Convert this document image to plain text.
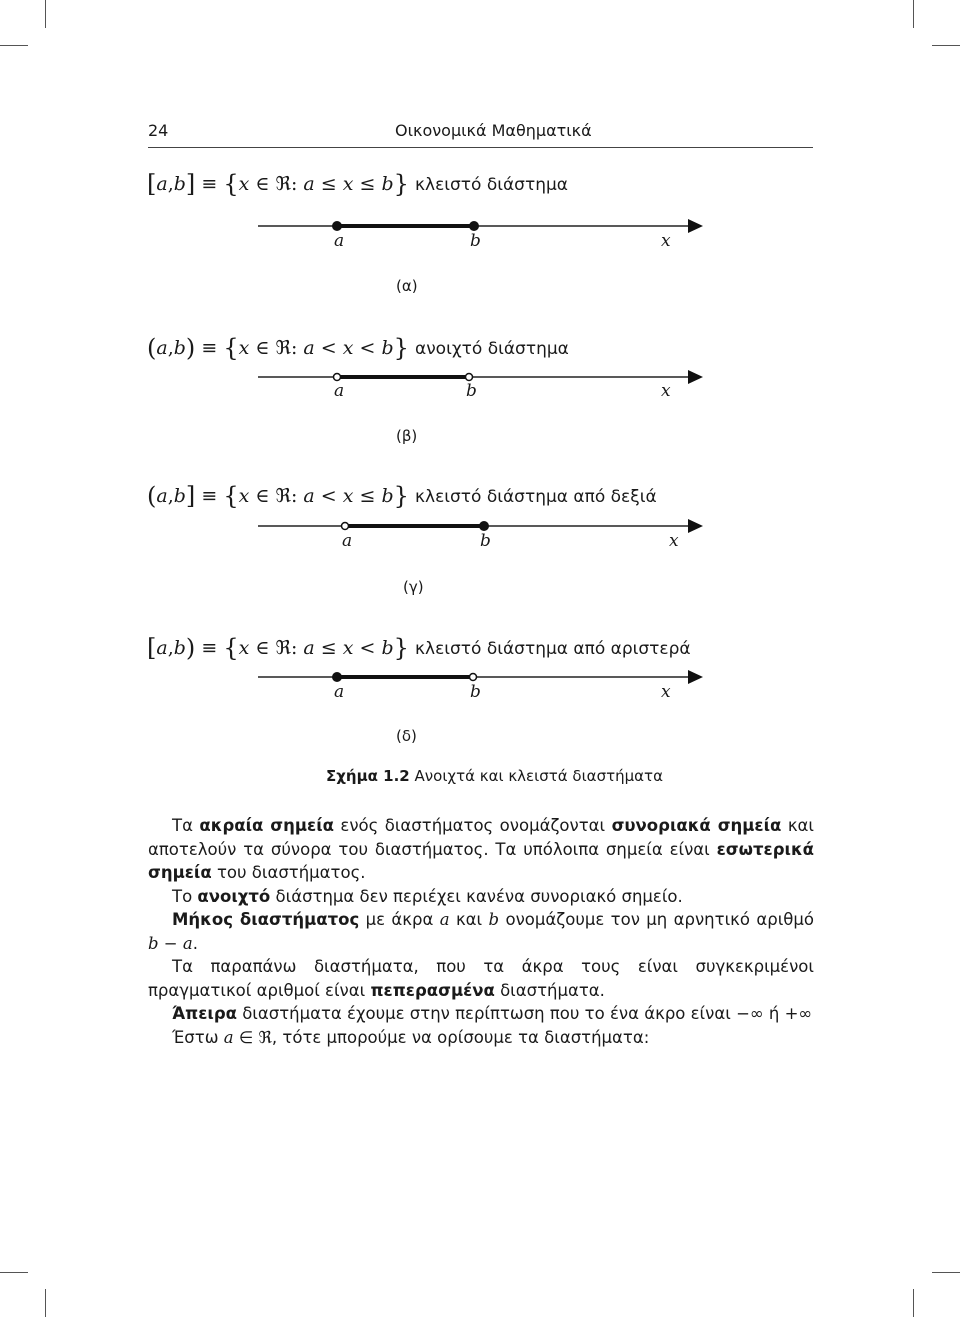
24	Οικονομικά Μαθηματικά
[a,b] ≡ {x ∈ ℜ: a ≤ x ≤ b} κλειστό διάστημα
(a,b) ≡ {x ∈ ℜ: a < x < b} ανοιχτό διάστημα
(a,b] ≡ {x ∈ ℜ: a < x ≤ b} κλειστό διάστημα από δεξιά
[a,b) ≡ {x ∈ ℜ: a ≤ x < b} κλειστό διάστημα από αριστερά
a	b	x
(α)
a	b	x
(β)
a	b	x
(γ)
a	b	x
(δ)
Σχήμα 1.2 Ανοιχτά και κλειστά διαστήματα

Τα ακραία σημεία ενός διαστήματος ονομάζονται συνοριακά σημεία και αποτελούν τα σύνορα του διαστήματος. Τα υπόλοιπα σημεία είναι εσωτερικά σημεία του διαστήματος.

Το ανοιχτό διάστημα δεν περιέχει κανένα συνοριακό σημείο.

Μήκος διαστήματος με άκρα a και b ονομάζουμε τον μη αρνητικό αριθμό b − a.

Τα παραπάνω διαστήματα, που τα άκρα τους είναι συγκεκριμένοι πραγματικοί αριθμοί είναι πεπερασμένα διαστήματα.

Άπειρα διαστήματα έχουμε στην περίπτωση που το ένα άκρο είναι −∞ ή +∞

Έστω a ∈ ℜ, τότε μπορούμε να ορίσουμε τα διαστήματα:
